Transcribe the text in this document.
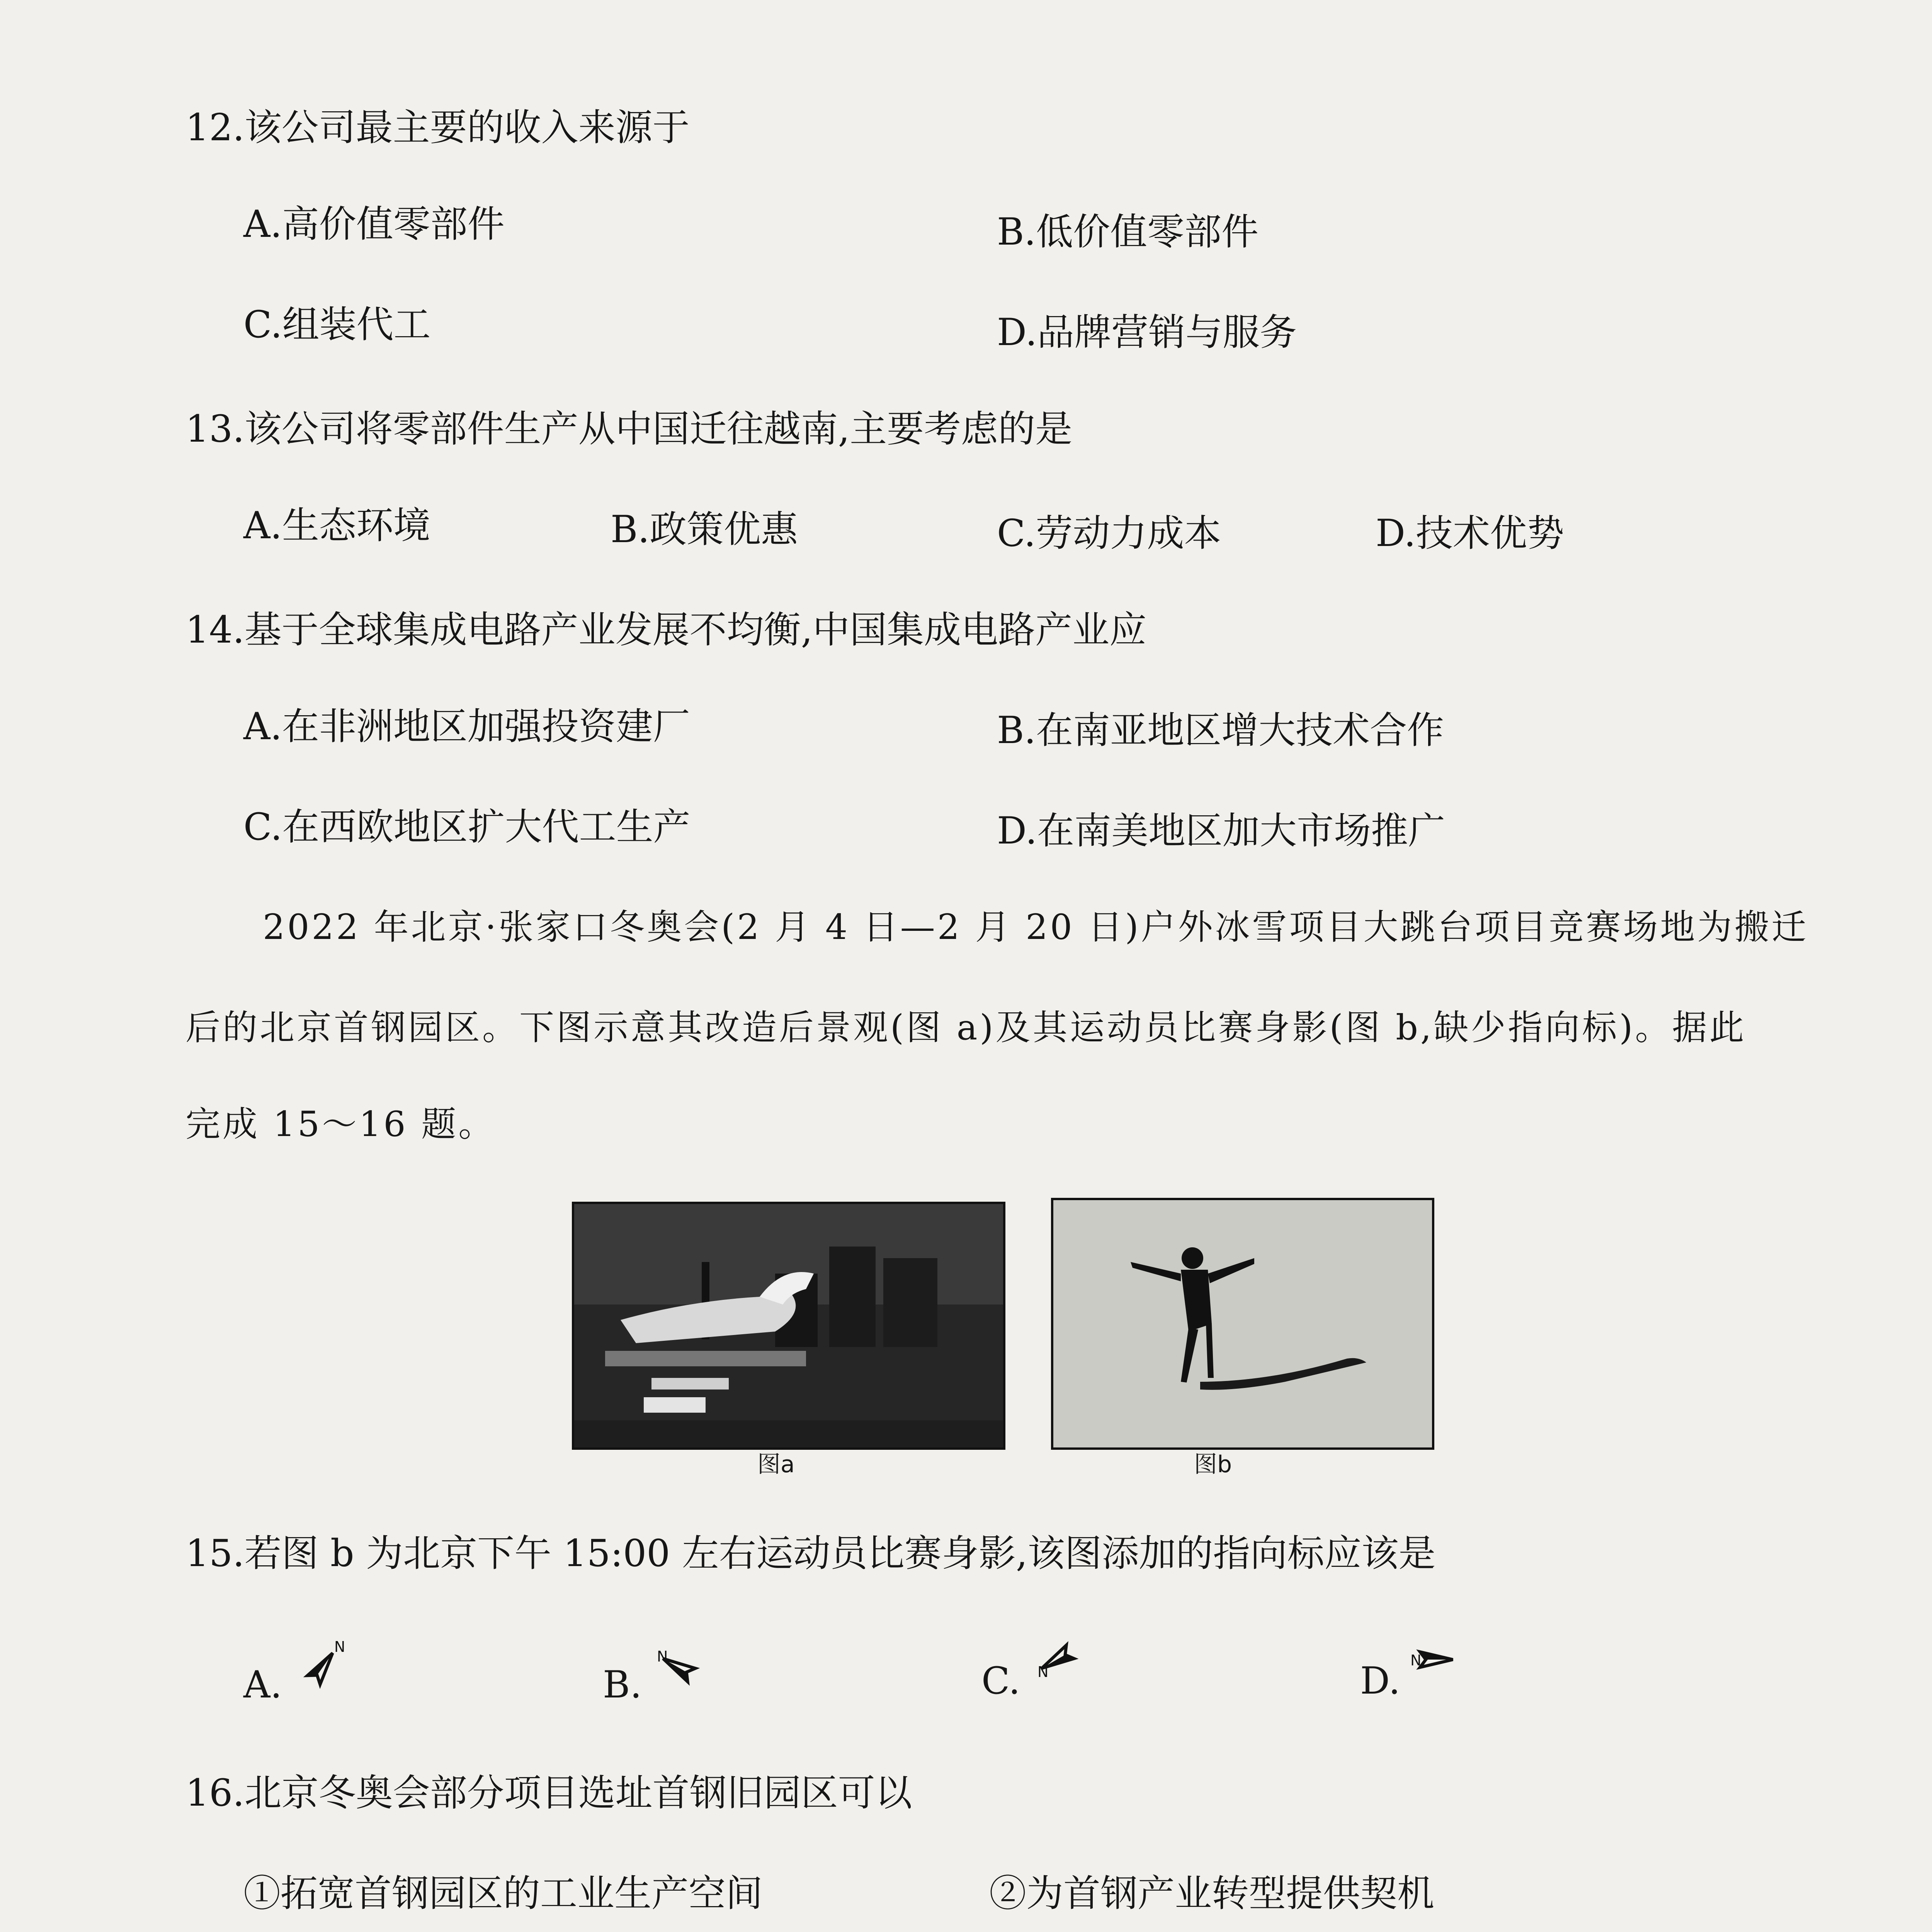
12.该公司最主要的收入来源于
A.高价值零部件	B.低价值零部件
C.组装代工	D.品牌营销与服务
13.该公司将零部件生产从中国迁往越南,主要考虑的是
A.生态环境	B.政策优惠	C.劳动力成本	D.技术优势
14.基于全球集成电路产业发展不均衡,中国集成电路产业应
A.在非洲地区加强投资建厂	B.在南亚地区增大技术合作
C.在西欧地区扩大代工生产	D.在南美地区加大市场推广
2022 年北京·张家口冬奥会(2 月 4 日—2 月 20 日)户外冰雪项目大跳台项目竞赛场地为搬迁
后的北京首钢园区。下图示意其改造后景观(图 a)及其运动员比赛身影(图 b,缺少指向标)。据此
完成 15～16 题。
图a	图b
15.若图 b 为北京下午 15:00 左右运动员比赛身影,该图添加的指向标应该是
A.
N
B.
N
C. N	D. N
16.北京冬奥会部分项目选址首钢旧园区可以
①拓宽首钢园区的工业生产空间	②为首钢产业转型提供契机
